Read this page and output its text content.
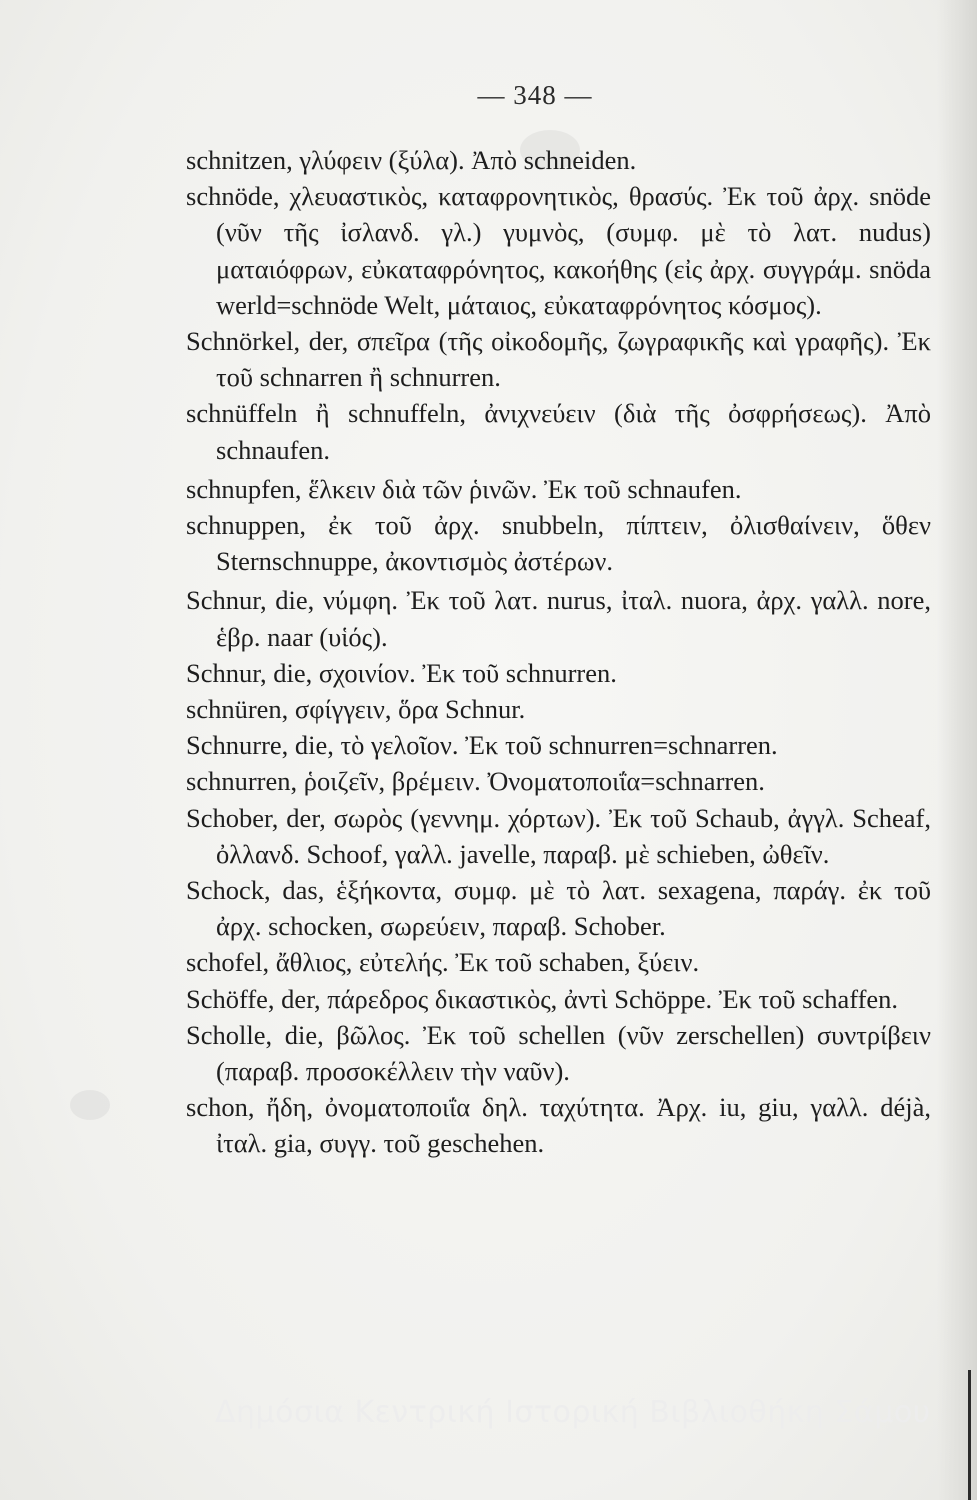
— 348 —

schnitzen, γλύφειν (ξύλα). Ἀπὸ schneiden.

schnöde, χλευαστικὸς, καταφρονητικὸς, θρασύς. Ἐκ τοῦ ἀρχ. snöde (νῦν τῆς ἰσλανδ. γλ.) γυμνὸς, (συμφ. μὲ τὸ λατ. nudus) ματαιόφρων, εὐκαταφρόνητος, κακοήθης (εἰς ἀρχ. συγγράμ. snöda werld=schnöde Welt, μάταιος, εὐκαταφρόνητος κόσμος).

Schnörkel, der, σπεῖρα (τῆς οἰκοδομῆς, ζωγραφικῆς καὶ γραφῆς). Ἐκ τοῦ schnarren ἢ schnurren.

schnüffeln ἢ schnuffeln, ἀνιχνεύειν (διὰ τῆς ὀσφρήσεως). Ἀπὸ schnaufen.

schnupfen, ἕλκειν διὰ τῶν ῥινῶν. Ἐκ τοῦ schnaufen.

schnuppen, ἐκ τοῦ ἀρχ. snubbeln, πίπτειν, ὀλισθαίνειν, ὅθεν Sternschnuppe, ἀκοντισμὸς ἀστέρων.

Schnur, die, νύμφη. Ἐκ τοῦ λατ. nurus, ἰταλ. nuora, ἀρχ. γαλλ. nore, ἑβρ. naar (υἱός).

Schnur, die, σχοινίον. Ἐκ τοῦ schnurren.

schnüren, σφίγγειν, ὅρα Schnur.

Schnurre, die, τὸ γελοῖον. Ἐκ τοῦ schnurren=schnarren.

schnurren, ῥοιζεῖν, βρέμειν. Ὀνοματοποιΐα=schnarren.

Schober, der, σωρὸς (γεννημ. χόρτων). Ἐκ τοῦ Schaub, ἀγγλ. Scheaf, ὀλλανδ. Schoof, γαλλ. javelle, παραβ. μὲ schieben, ὠθεῖν.

Schock, das, ἑξήκοντα, συμφ. μὲ τὸ λατ. sexagena, παράγ. ἐκ τοῦ ἀρχ. schocken, σωρεύειν, παραβ. Schober.

schofel, ἄθλιος, εὐτελής. Ἐκ τοῦ schaben, ξύειν.

Schöffe, der, πάρεδρος δικαστικὸς, ἀντὶ Schöppe. Ἐκ τοῦ schaffen.

Scholle, die, βῶλος. Ἐκ τοῦ schellen (νῦν zerschellen) συντρίβειν (παραβ. προσοκέλλειν τὴν ναῦν).

schon, ἤδη, ὀνοματοποιΐα δηλ. ταχύτητα. Ἀρχ. iu, giu, γαλλ. déjà, ἰταλ. gia, συγγ. τοῦ geschehen.

Δημόσια Κεντρική Ιστορική Βιβλιοθήκη Σάμου
